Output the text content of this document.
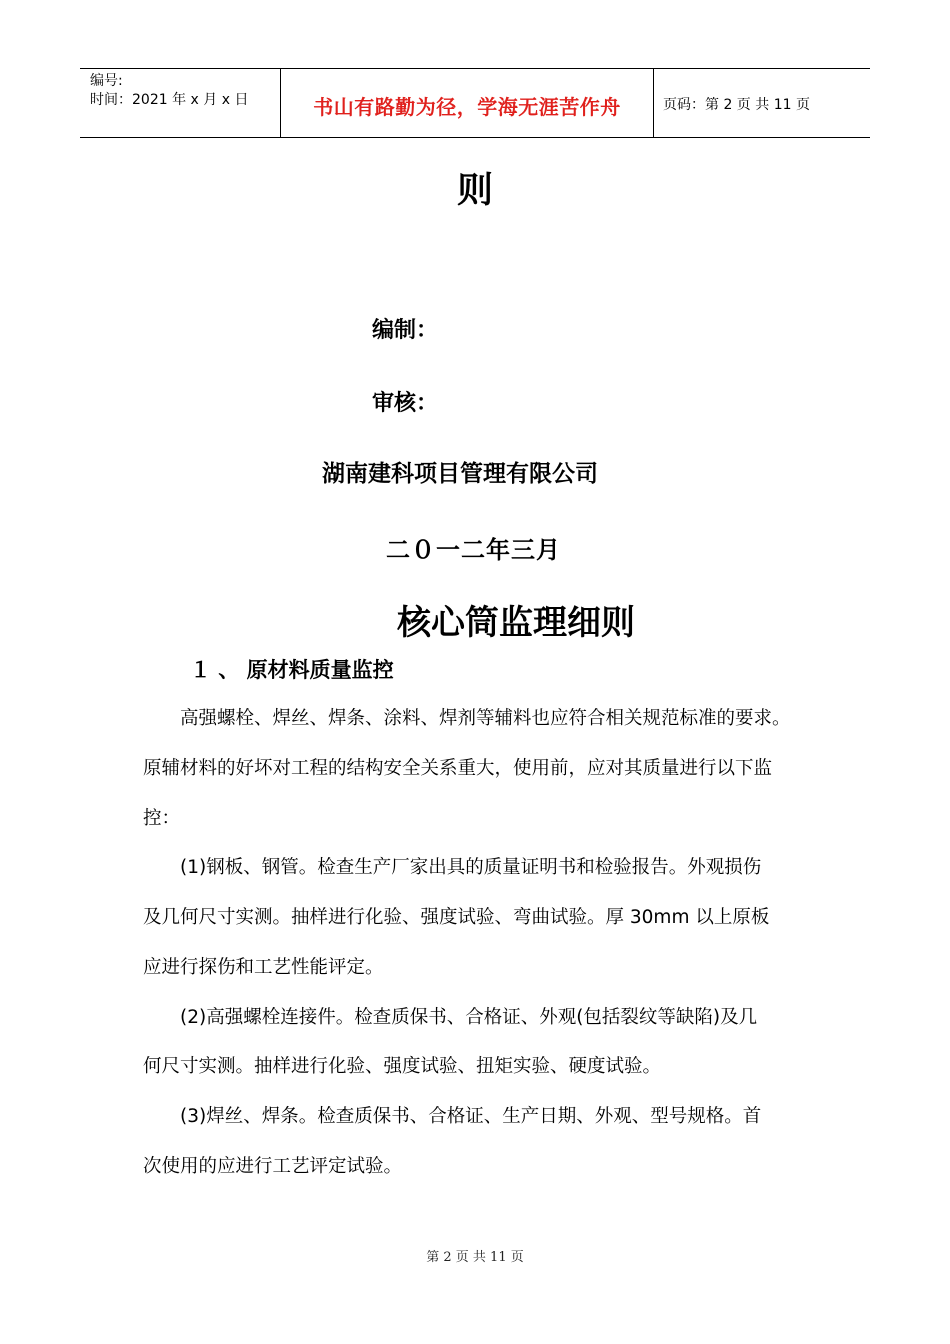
编号:
时间：2021 年 x 月 x 日	书山有路勤为径，学海无涯苦作舟	页码：第 2 页 共 11 页
则
编制：
审核：
湖南建科项目管理有限公司
二０一二年三月
核心筒监理细则
１ 、 原材料质量监控
　　高强螺栓、焊丝、焊条、涂料、焊剂等辅料也应符合相关规范标准的要求。
原辅材料的好坏对工程的结构安全关系重大，使用前，应对其质量进行以下监
控：
　　(1)钢板、钢管。检查生产厂家出具的质量证明书和检验报告。外观损伤
及几何尺寸实测。抽样进行化验、强度试验、弯曲试验。厚 30mm 以上原板
应进行探伤和工艺性能评定。
　　(2)高强螺栓连接件。检查质保书、合格证、外观(包括裂纹等缺陷)及几
何尺寸实测。抽样进行化验、强度试验、扭矩实验、硬度试验。
　　(3)焊丝、焊条。检查质保书、合格证、生产日期、外观、型号规格。首
次使用的应进行工艺评定试验。
第 2 页 共 11 页
